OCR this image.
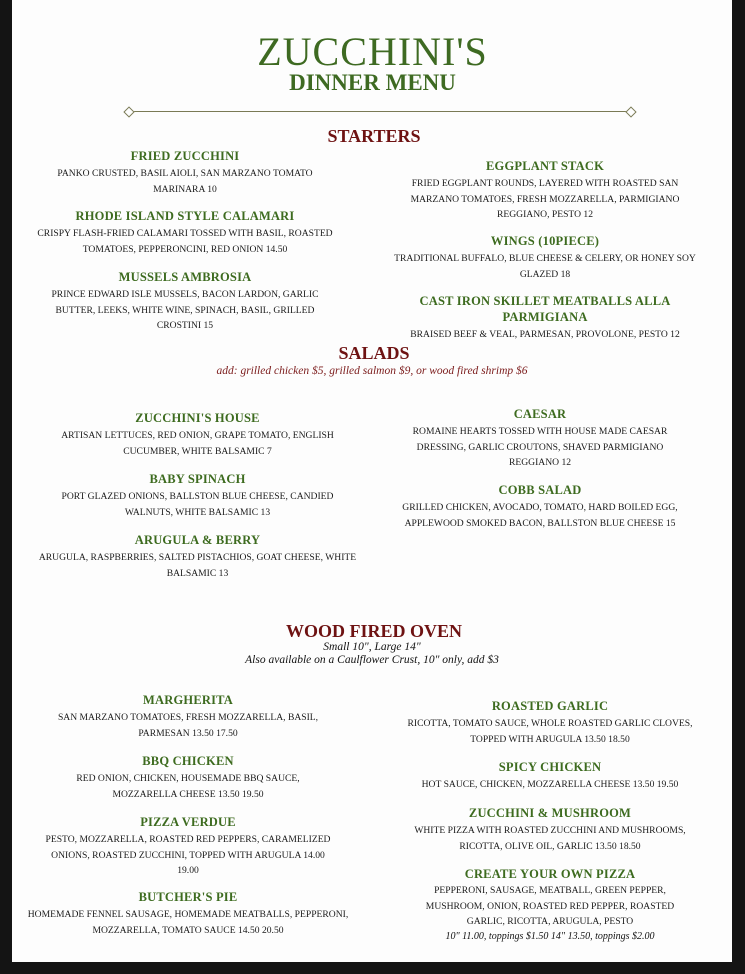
ZUCCHINI'S
DINNER MENU
STARTERS
FRIED ZUCCHINI
PANKO CRUSTED, BASIL AIOLI, SAN MARZANO TOMATO MARINARA 10
RHODE ISLAND STYLE CALAMARI
CRISPY FLASH-FRIED CALAMARI TOSSED WITH BASIL, ROASTED TOMATOES, PEPPERONCINI, RED ONION 14.50
MUSSELS AMBROSIA
PRINCE EDWARD ISLE MUSSELS, BACON LARDON, GARLIC BUTTER, LEEKS, WHITE WINE, SPINACH, BASIL, GRILLED CROSTINI 15
EGGPLANT STACK
FRIED EGGPLANT ROUNDS, LAYERED WITH ROASTED SAN MARZANO TOMATOES, FRESH MOZZARELLA, PARMIGIANO REGGIANO, PESTO 12
WINGS (10PIECE)
TRADITIONAL BUFFALO, BLUE CHEESE & CELERY, OR HONEY SOY GLAZED 18
CAST IRON SKILLET MEATBALLS ALLA PARMIGIANA
BRAISED BEEF & VEAL, PARMESAN, PROVOLONE, PESTO 12
SALADS
add: grilled chicken $5, grilled salmon $9, or wood fired shrimp $6
ZUCCHINI'S HOUSE
ARTISAN LETTUCES, RED ONION, GRAPE TOMATO, ENGLISH CUCUMBER, WHITE BALSAMIC 7
BABY SPINACH
PORT GLAZED ONIONS, BALLSTON BLUE CHEESE, CANDIED WALNUTS, WHITE BALSAMIC 13
ARUGULA & BERRY
ARUGULA, RASPBERRIES, SALTED PISTACHIOS, GOAT CHEESE, WHITE BALSAMIC 13
CAESAR
ROMAINE HEARTS TOSSED WITH HOUSE MADE CAESAR DRESSING, GARLIC CROUTONS, SHAVED PARMIGIANO REGGIANO 12
COBB SALAD
GRILLED CHICKEN, AVOCADO, TOMATO, HARD BOILED EGG, APPLEWOOD SMOKED BACON, BALLSTON BLUE CHEESE 15
WOOD FIRED OVEN
Small 10", Large 14"
Also available on a Caulflower Crust, 10" only, add $3
MARGHERITA
SAN MARZANO TOMATOES, FRESH MOZZARELLA, BASIL, PARMESAN 13.50 17.50
BBQ CHICKEN
RED ONION, CHICKEN, HOUSEMADE BBQ SAUCE, MOZZARELLA CHEESE 13.50 19.50
PIZZA VERDUE
PESTO, MOZZARELLA, ROASTED RED PEPPERS, CARAMELIZED ONIONS, ROASTED ZUCCHINI, TOPPED WITH ARUGULA 14.00 19.00
BUTCHER'S PIE
HOMEMADE FENNEL SAUSAGE, HOMEMADE MEATBALLS, PEPPERONI, MOZZARELLA, TOMATO SAUCE 14.50 20.50
ROASTED GARLIC
RICOTTA, TOMATO SAUCE, WHOLE ROASTED GARLIC CLOVES, TOPPED WITH ARUGULA 13.50 18.50
SPICY CHICKEN
HOT SAUCE, CHICKEN, MOZZARELLA CHEESE 13.50 19.50
ZUCCHINI & MUSHROOM
WHITE PIZZA WITH ROASTED ZUCCHINI AND MUSHROOMS, RICOTTA, OLIVE OIL, GARLIC 13.50 18.50
CREATE YOUR OWN PIZZA
PEPPERONI, SAUSAGE, MEATBALL, GREEN PEPPER, MUSHROOM, ONION, ROASTED RED PEPPER, ROASTED GARLIC, RICOTTA, ARUGULA, PESTO
10" 11.00, toppings $1.50 14" 13.50, toppings $2.00
